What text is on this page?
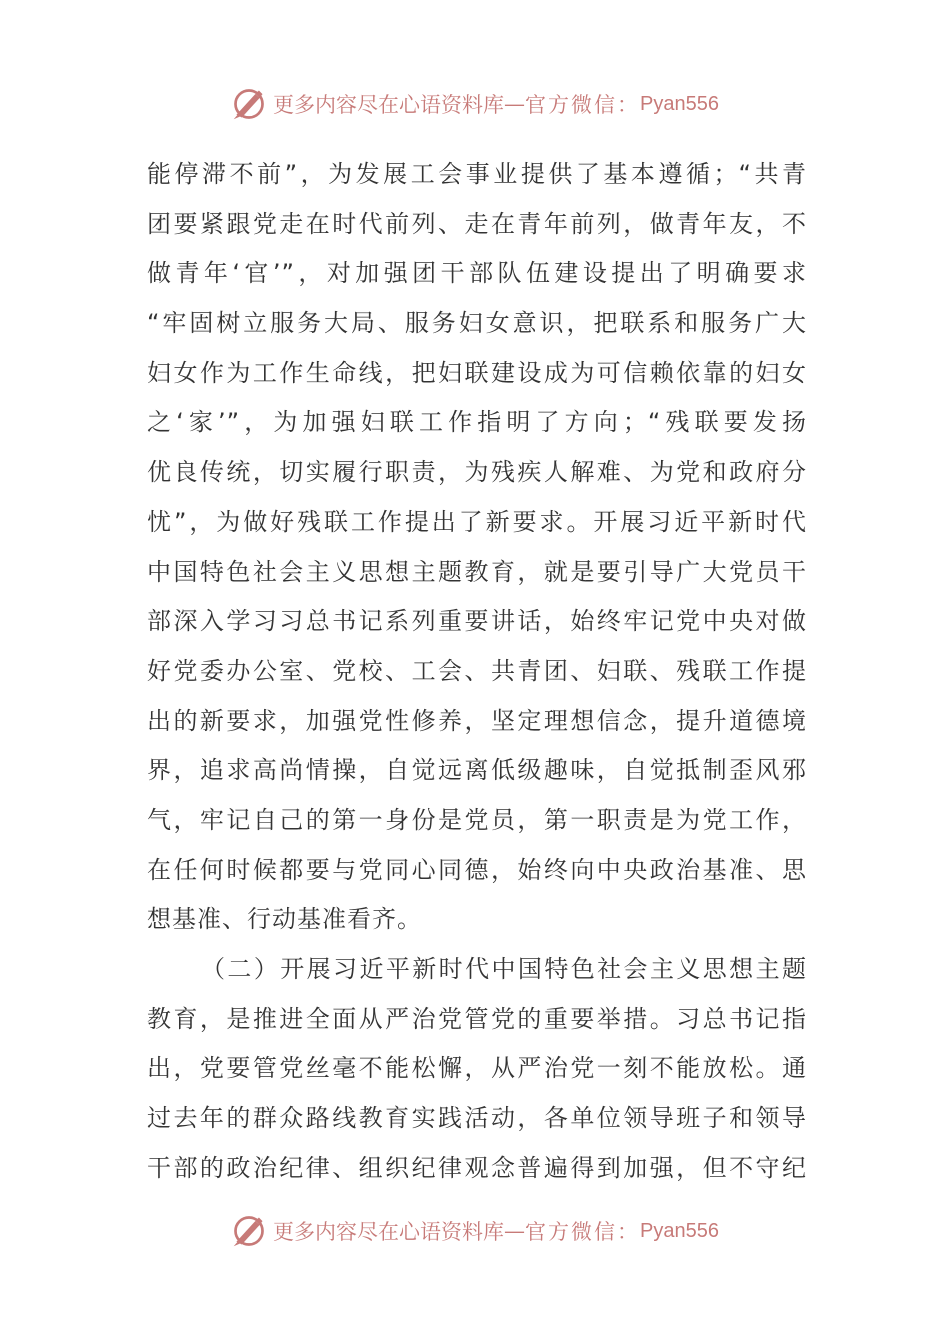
更多内容尽在心语资料库 — 官方微信： Pyan556
能停滞不前”，为发展工会事业提供了基本遵循；“共青
团要紧跟党走在时代前列、走在青年前列，做青年友，不
做青年‘官’”，对加强团干部队伍建设提出了明确要求
“牢固树立服务大局、服务妇女意识，把联系和服务广大
妇女作为工作生命线，把妇联建设成为可信赖依靠的妇女
之‘家’”，为加强妇联工作指明了方向；“残联要发扬
优良传统，切实履行职责，为残疾人解难、为党和政府分
忧”，为做好残联工作提出了新要求。开展习近平新时代
中国特色社会主义思想主题教育，就是要引导广大党员干
部深入学习习总书记系列重要讲话，始终牢记党中央对做
好党委办公室、党校、工会、共青团、妇联、残联工作提
出的新要求，加强党性修养，坚定理想信念，提升道德境
界，追求高尚情操，自觉远离低级趣味，自觉抵制歪风邪
气，牢记自己的第一身份是党员，第一职责是为党工作，
在任何时候都要与党同心同德，始终向中央政治基准、思
想基准、行动基准看齐。
（二）开展习近平新时代中国特色社会主义思想主题
教育，是推进全面从严治党管党的重要举措。习总书记指
出，党要管党丝毫不能松懈，从严治党一刻不能放松。通
过去年的群众路线教育实践活动，各单位领导班子和领导
干部的政治纪律、组织纪律观念普遍得到加强，但不守纪
更多内容尽在心语资料库 — 官方微信： Pyan556
